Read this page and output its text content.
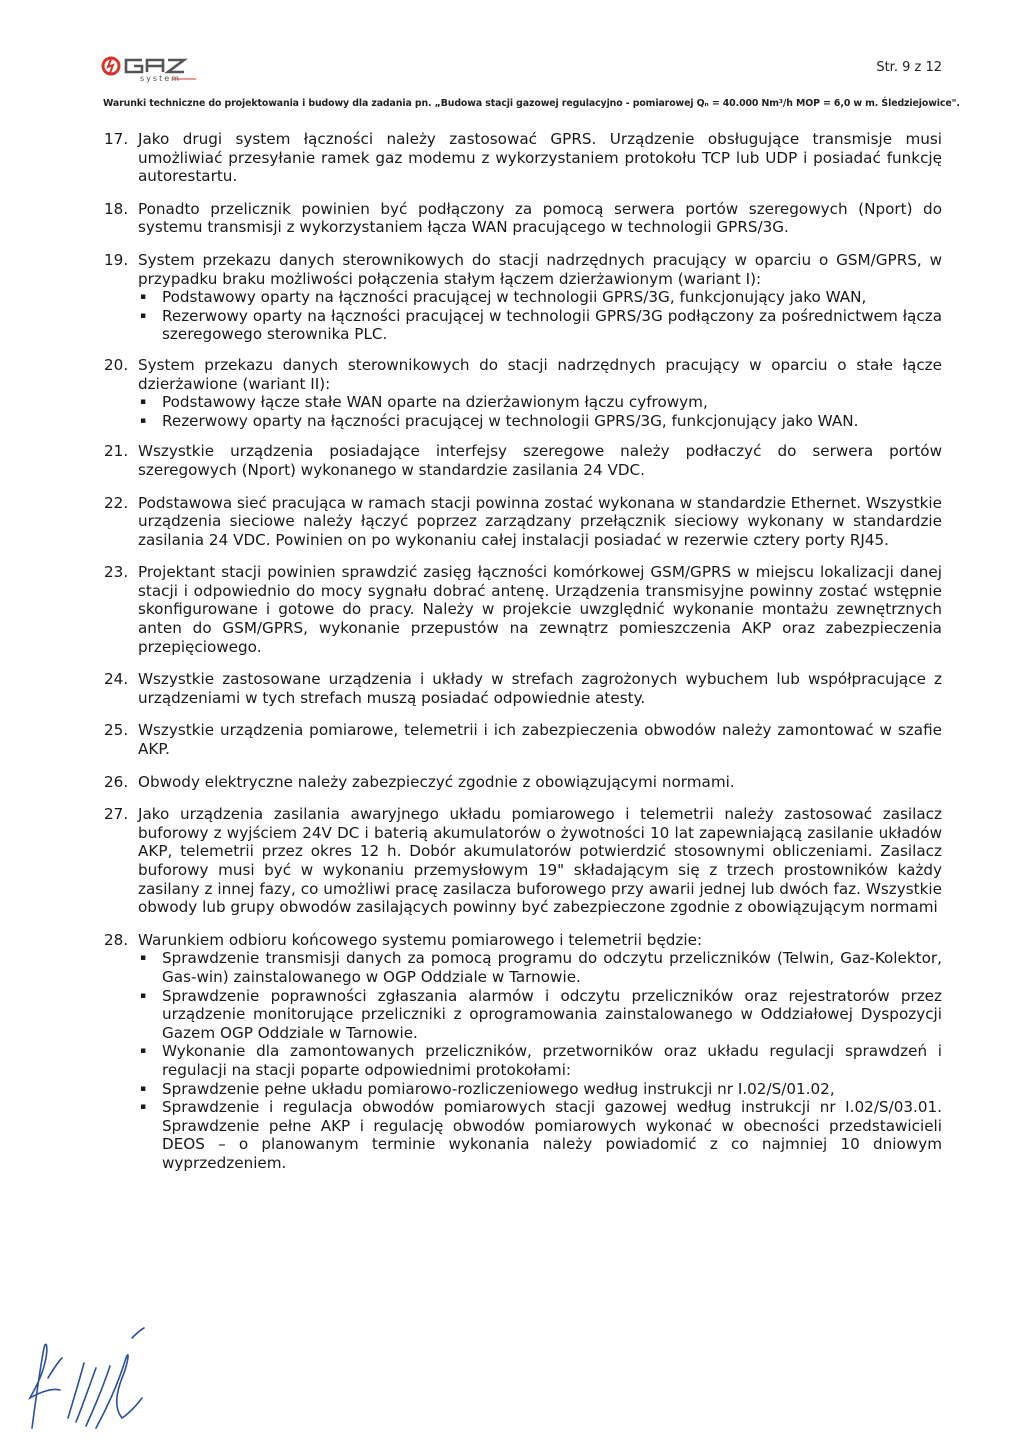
system
Str. 9 z 12
Warunki techniczne do projektowania i budowy dla zadania pn. „Budowa stacji gazowej regulacyjno - pomiarowej Qₙ = 40.000 Nm³/h MOP = 6,0 w m. Śledziejowice".
17. Jako drugi system łączności należy zastosować GPRS. Urządzenie obsługujące transmisje musi umożliwiać przesyłanie ramek gaz modemu z wykorzystaniem protokołu TCP lub UDP i posiadać funkcję autorestartu.
18. Ponadto przelicznik powinien być podłączony za pomocą serwera portów szeregowych (Nport) do systemu transmisji z wykorzystaniem łącza WAN pracującego w technologii GPRS/3G.
19. System przekazu danych sterownikowych do stacji nadrzędnych pracujący w oparciu o GSM/GPRS, w przypadku braku możliwości połączenia stałym łączem dzierżawionym (wariant I):
▪ Podstawowy oparty na łączności pracującej w technologii GPRS/3G, funkcjonujący jako WAN,
▪ Rezerwowy oparty na łączności pracującej w technologii GPRS/3G podłączony za pośrednictwem łącza szeregowego sterownika PLC.
20. System przekazu danych sterownikowych do stacji nadrzędnych pracujący w oparciu o stałe łącze dzierżawione (wariant II):
▪ Podstawowy łącze stałe WAN oparte na dzierżawionym łączu cyfrowym,
▪ Rezerwowy oparty na łączności pracującej w technologii GPRS/3G, funkcjonujący jako WAN.
21. Wszystkie urządzenia posiadające interfejsy szeregowe należy podłaczyć do serwera portów szeregowych (Nport) wykonanego w standardzie zasilania 24 VDC.
22. Podstawowa sieć pracująca w ramach stacji powinna zostać wykonana w standardzie Ethernet. Wszystkie urządzenia sieciowe należy łączyć poprzez zarządzany przełącznik sieciowy wykonany w standardzie zasilania 24 VDC. Powinien on po wykonaniu całej instalacji posiadać w rezerwie cztery porty RJ45.
23. Projektant stacji powinien sprawdzić zasięg łączności komórkowej GSM/GPRS w miejscu lokalizacji danej stacji i odpowiednio do mocy sygnału dobrać antenę. Urządzenia transmisyjne powinny zostać wstępnie skonfigurowane i gotowe do pracy. Należy w projekcie uwzględnić wykonanie montażu zewnętrznych anten do GSM/GPRS, wykonanie przepustów na zewnątrz pomieszczenia AKP oraz zabezpieczenia przepięciowego.
24. Wszystkie zastosowane urządzenia i układy w strefach zagrożonych wybuchem lub współpracujące z urządzeniami w tych strefach muszą posiadać odpowiednie atesty.
25. Wszystkie urządzenia pomiarowe, telemetrii i ich zabezpieczenia obwodów należy zamontować w szafie AKP.
26. Obwody elektryczne należy zabezpieczyć zgodnie z obowiązującymi normami.
27. Jako urządzenia zasilania awaryjnego układu pomiarowego i telemetrii należy zastosować zasilacz buforowy z wyjściem 24V DC i baterią akumulatorów o żywotności 10 lat zapewniającą zasilanie układów AKP, telemetrii przez okres 12 h. Dobór akumulatorów potwierdzić stosownymi obliczeniami. Zasilacz buforowy musi być w wykonaniu przemysłowym 19" składającym się z trzech prostowników każdy zasilany z innej fazy, co umożliwi pracę zasilacza buforowego przy awarii jednej lub dwóch faz. Wszystkie obwody lub grupy obwodów zasilających powinny być zabezpieczone zgodnie z obowiązującym normami
28. Warunkiem odbioru końcowego systemu pomiarowego i telemetrii będzie:
▪ Sprawdzenie transmisji danych za pomocą programu do odczytu przeliczników (Telwin, Gaz-Kolektor, Gas-win) zainstalowanego w OGP Oddziale w Tarnowie.
▪ Sprawdzenie poprawności zgłaszania alarmów i odczytu przeliczników oraz rejestratorów przez urządzenie monitorujące przeliczniki z oprogramowania zainstalowanego w Oddziałowej Dyspozycji Gazem OGP Oddziale w Tarnowie.
▪ Wykonanie dla zamontowanych przeliczników, przetworników oraz układu regulacji sprawdzeń i regulacji na stacji poparte odpowiednimi protokołami:
▪ Sprawdzenie pełne układu pomiarowo-rozliczeniowego według instrukcji nr I.02/S/01.02,
▪ Sprawdzenie i regulacja obwodów pomiarowych stacji gazowej według instrukcji nr I.02/S/03.01. Sprawdzenie pełne AKP i regulację obwodów pomiarowych wykonać w obecności przedstawicieli DEOS – o planowanym terminie wykonania należy powiadomić z co najmniej 10 dniowym wyprzedzeniem.
